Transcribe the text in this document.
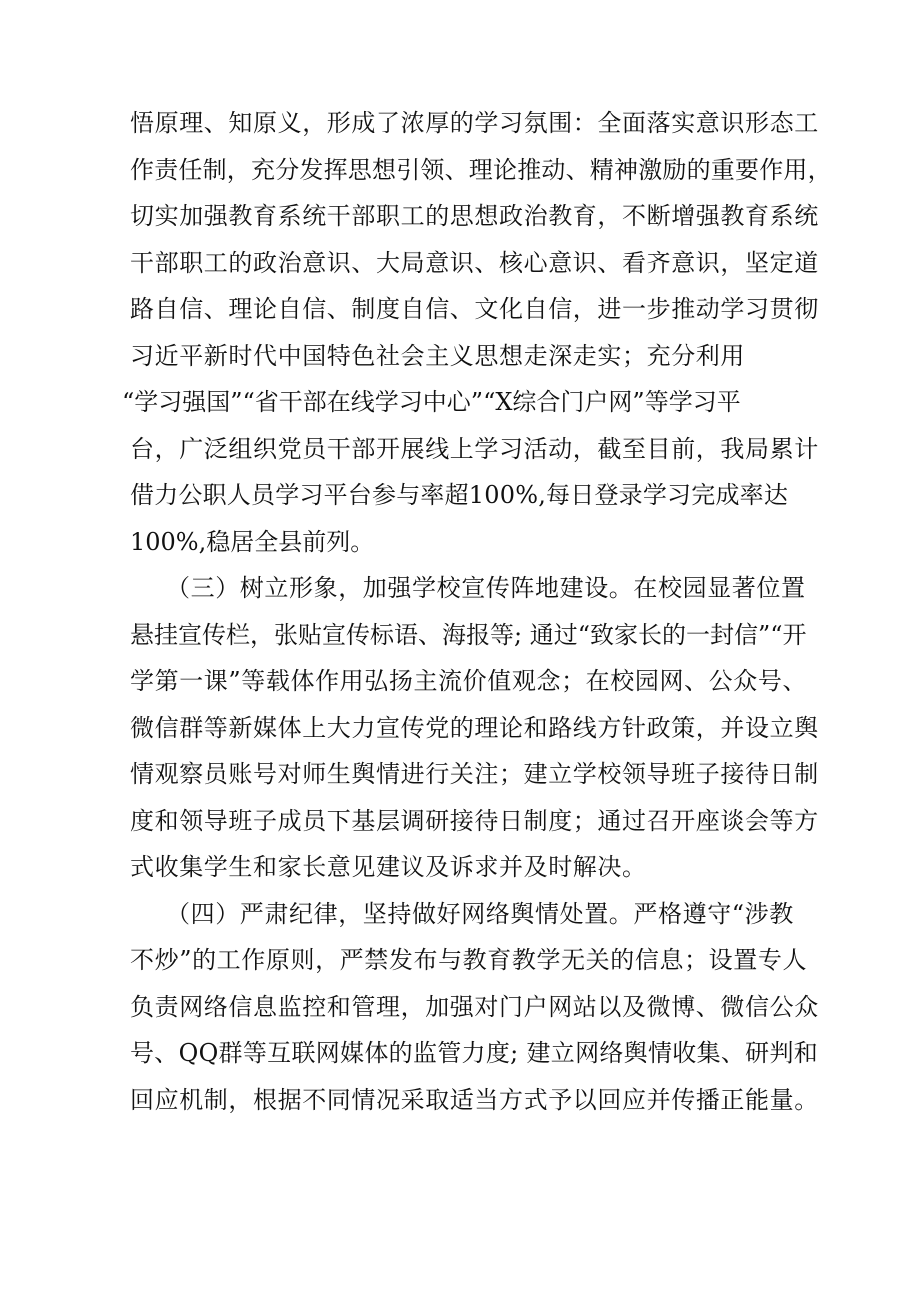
悟原理、知原义，形成了浓厚的学习氛围：全面落实意识形态工
作责任制，充分发挥思想引领、理论推动、精神激励的重要作用，
切实加强教育系统干部职工的思想政治教育，不断增强教育系统
干部职工的政治意识、大局意识、核心意识、看齐意识，坚定道
路自信、理论自信、制度自信、文化自信，进一步推动学习贯彻
习近平新时代中国特色社会主义思想走深走实；充分利用
“学习强国”“省干部在线学习中心”“X综合门户网”等学习平
台，广泛组织党员干部开展线上学习活动，截至目前，我局累计
借力公职人员学习平台参与率超100%,每日登录学习完成率达
100%,稳居全县前列。
（三）树立形象，加强学校宣传阵地建设。在校园显著位置
悬挂宣传栏，张贴宣传标语、海报等; 通过“致家长的一封信”“开
学第一课”等载体作用弘扬主流价值观念；在校园网、公众号、
微信群等新媒体上大力宣传党的理论和路线方针政策，并设立舆
情观察员账号对师生舆情进行关注；建立学校领导班子接待日制
度和领导班子成员下基层调研接待日制度；通过召开座谈会等方
式收集学生和家长意见建议及诉求并及时解决。
（四）严肃纪律，坚持做好网络舆情处置。严格遵守“涉教
不炒”的工作原则，严禁发布与教育教学无关的信息；设置专人
负责网络信息监控和管理，加强对门户网站以及微博、微信公众
号、QQ群等互联网媒体的监管力度; 建立网络舆情收集、研判和
回应机制，根据不同情况采取适当方式予以回应并传播正能量。
